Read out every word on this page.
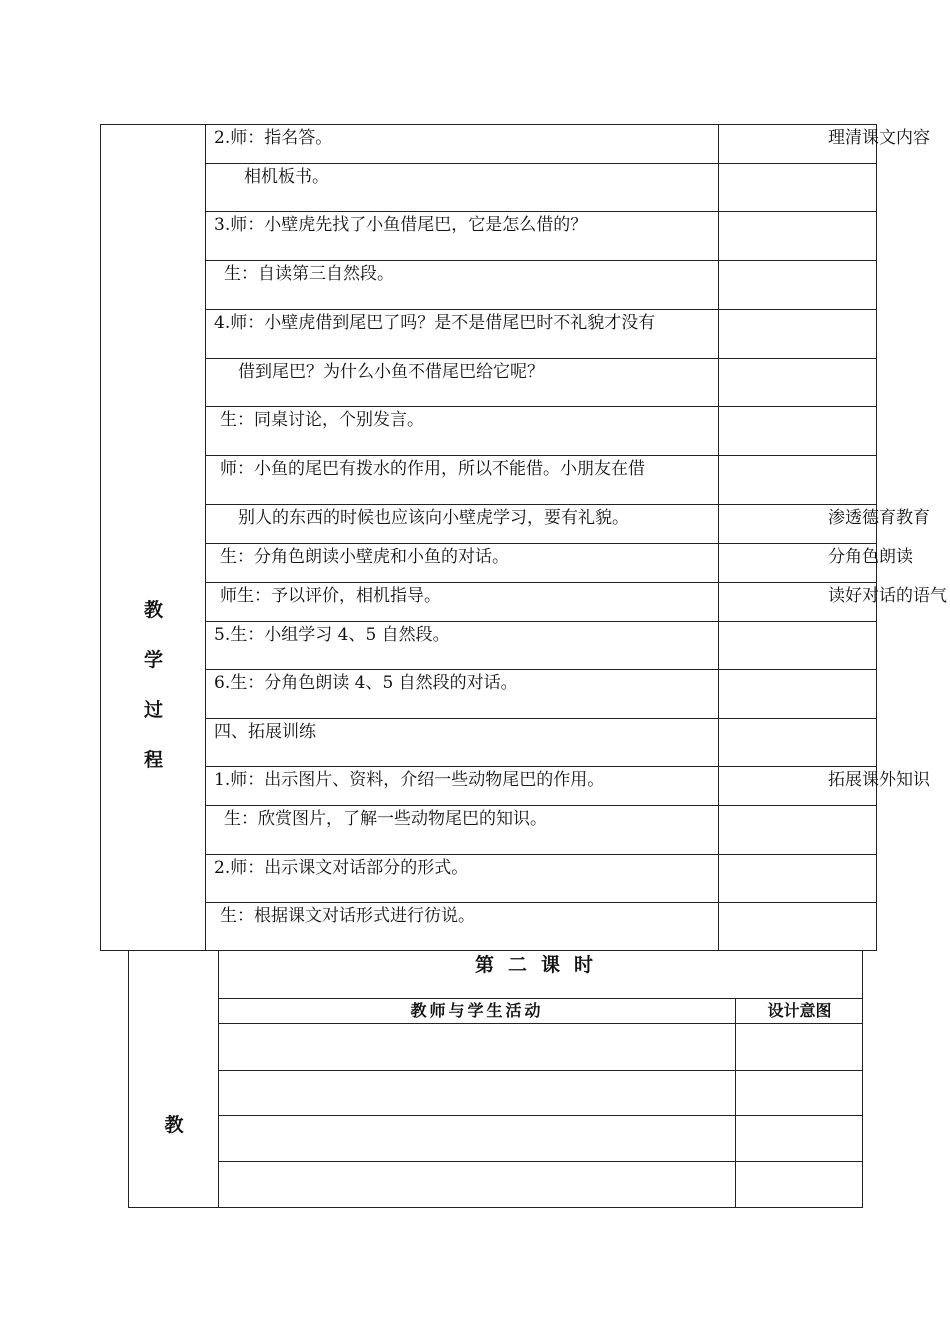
教
学
过
程
2.师：指名答。	理清课文内容
相机板书。
3.师：小壁虎先找了小鱼借尾巴，它是怎么借的？
生：自读第三自然段。
4.师：小壁虎借到尾巴了吗？是不是借尾巴时不礼貌才没有
借到尾巴？为什么小鱼不借尾巴给它呢？
生：同桌讨论，个别发言。
师：小鱼的尾巴有拨水的作用，所以不能借。小朋友在借
别人的东西的时候也应该向小壁虎学习，要有礼貌。	渗透德育教育
生：分角色朗读小壁虎和小鱼的对话。	分角色朗读
师生：予以评价，相机指导。	读好对话的语气
5.生：小组学习 4、5 自然段。
6.生：分角色朗读 4、5 自然段的对话。
四、拓展训练
1.师：出示图片、资料，介绍一些动物尾巴的作用。	拓展课外知识
生：欣赏图片，了解一些动物尾巴的知识。
2.师：出示课文对话部分的形式。
生：根据课文对话形式进行彷说。
教
第二课时
教师与学生活动	设计意图
